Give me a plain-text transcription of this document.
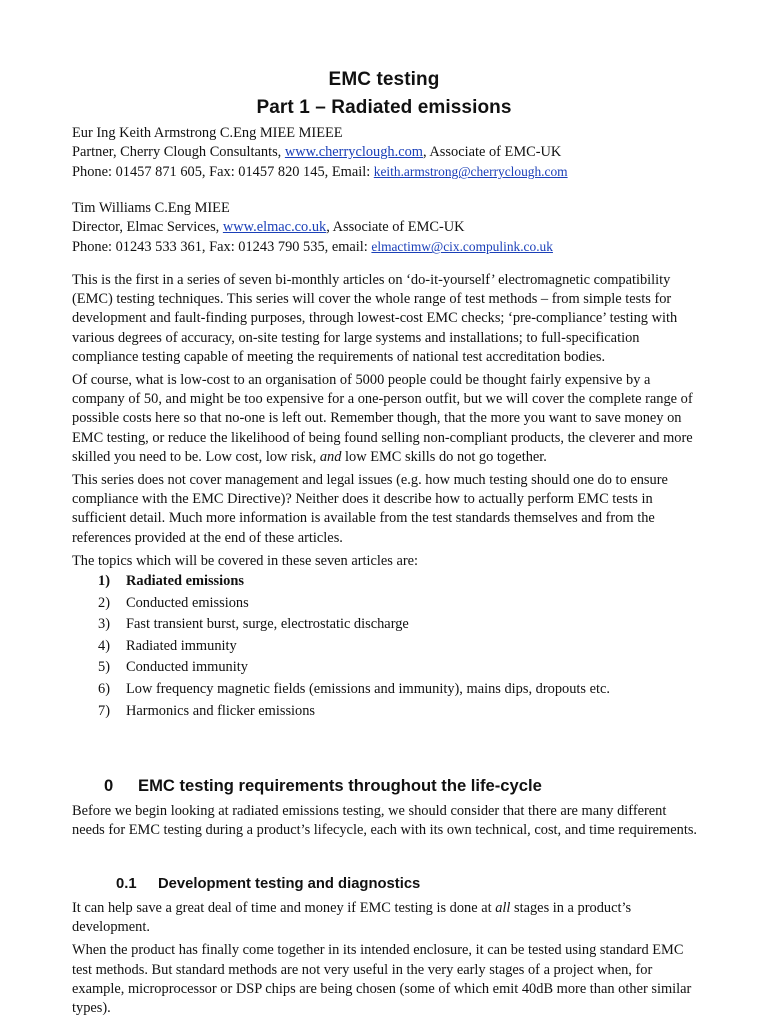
EMC testing
Part 1 – Radiated emissions
Eur Ing Keith Armstrong C.Eng MIEE MIEEE
Partner, Cherry Clough Consultants, www.cherryclough.com, Associate of EMC-UK
Phone: 01457 871 605, Fax: 01457 820 145, Email: keith.armstrong@cherryclough.com
Tim Williams C.Eng MIEE
Director, Elmac Services, www.elmac.co.uk, Associate of EMC-UK
Phone: 01243 533 361, Fax: 01243 790 535, email: elmactimw@cix.compulink.co.uk

This is the first in a series of seven bi-monthly articles on ‘do-it-yourself’ electromagnetic compatibility (EMC) testing techniques. This series will cover the whole range of test methods – from simple tests for development and fault-finding purposes, through lowest-cost EMC checks; ‘pre-compliance’ testing with various degrees of accuracy, on-site testing for large systems and installations; to full-specification compliance testing capable of meeting the requirements of national test accreditation bodies.

Of course, what is low-cost to an organisation of 5000 people could be thought fairly expensive by a company of 50, and might be too expensive for a one-person outfit, but we will cover the complete range of possible costs here so that no-one is left out. Remember though, that the more you want to save money on EMC testing, or reduce the likelihood of being found selling non-compliant products, the cleverer and more skilled you need to be. Low cost, low risk, and low EMC skills do not go together.

This series does not cover management and legal issues (e.g. how much testing should one do to ensure compliance with the EMC Directive)? Neither does it describe how to actually perform EMC tests in sufficient detail. Much more information is available from the test standards themselves and from the references provided at the end of these articles.

The topics which will be covered in these seven articles are:

1) Radiated emissions
2) Conducted emissions
3) Fast transient burst, surge, electrostatic discharge
4) Radiated immunity
5) Conducted immunity
6) Low frequency magnetic fields (emissions and immunity), mains dips, dropouts etc.
7) Harmonics and flicker emissions
0 EMC testing requirements throughout the life-cycle

Before we begin looking at radiated emissions testing, we should consider that there are many different needs for EMC testing during a product’s lifecycle, each with its own technical, cost, and time requirements.

0.1 Development testing and diagnostics

It can help save a great deal of time and money if EMC testing is done at all stages in a product’s development.

When the product has finally come together in its intended enclosure, it can be tested using standard EMC test methods. But standard methods are not very useful in the very early stages of a project when, for example, microprocessor or DSP chips are being chosen (some of which emit 40dB more than other similar types).
